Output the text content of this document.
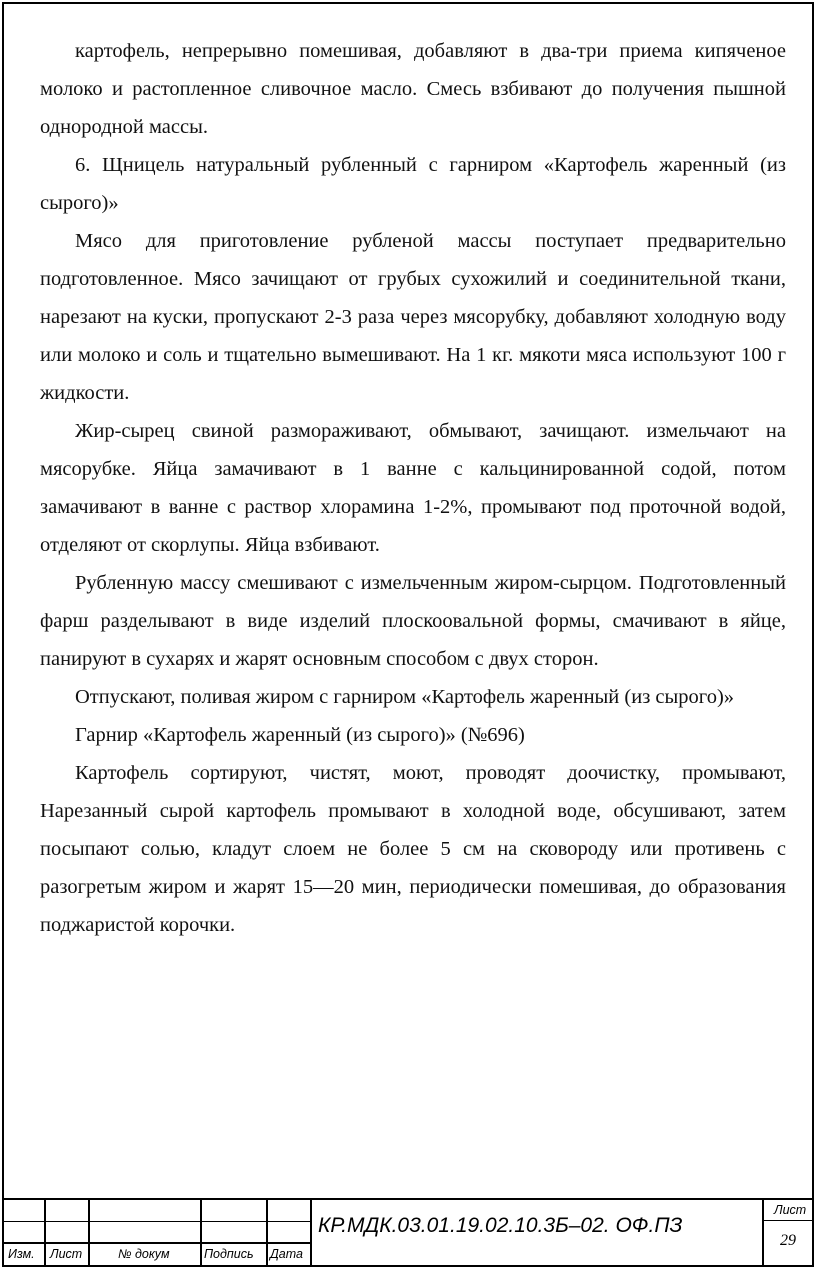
картофель, непрерывно помешивая, добавляют в два-три приема кипяченое молоко и растопленное сливочное масло. Смесь взбивают до получения пышной однородной массы.

6. Щницель натуральный рубленный с гарниром «Картофель жаренный (из сырого)»

Мясо для приготовление рубленой массы поступает предварительно подготовленное. Мясо зачищают от грубых сухожилий и соединительной ткани, нарезают на куски, пропускают 2-3 раза через мясорубку, добавляют холодную воду или молоко и соль и тщательно вымешивают. На 1 кг. мякоти мяса используют 100 г жидкости.

Жир-сырец свиной размораживают, обмывают, зачищают. измельчают на мясорубке. Яйца замачивают в 1 ванне с кальцинированной содой, потом замачивают в ванне с раствор хлорамина 1-2%, промывают под проточной водой, отделяют от скорлупы. Яйца взбивают.

Рубленную массу смешивают с измельченным жиром-сырцом. Подготовленный фарш разделывают в виде изделий плоскоовальной формы, смачивают в яйце, панируют в сухарях и жарят основным способом с двух сторон.

Отпускают, поливая жиром с гарниром «Картофель жаренный (из сырого)»

Гарнир «Картофель жаренный (из сырого)» (№696)

Картофель сортируют, чистят, моют, проводят доочистку, промывают, Нарезанный сырой картофель промывают в холодной воде, обсушивают, затем посыпают солью, кладут слоем не более 5 см на сковороду или противень с разогретым жиром и жарят 15—20 мин, периодически помешивая, до образования поджаристой корочки.

Изм. Лист	№ докум	Подпись Дата
КР.МДК.03.01.19.02.10.3Б–02. ОФ.ПЗ
Лист
29
